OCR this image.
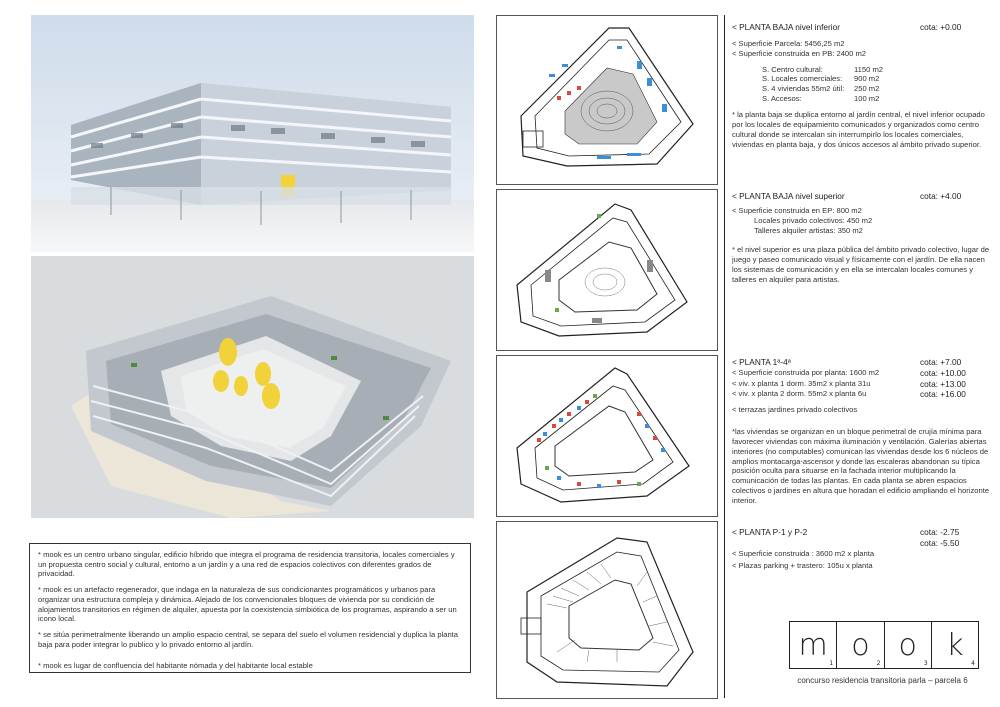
* mook es un centro urbano singular, edificio híbrido que integra el programa de residencia transitoria, locales comerciales y un propuesta centro social y cultural, entorno a un jardín y a una red de espacios colectivos con diferentes grados de privacidad.

* mook es un artefacto regenerador, que indaga en la naturaleza de sus condicionantes programáticos y urbanos para organizar una estructura compleja y dinámica. Alejado de los convencionales bloques de vivienda por su condición de alojamientos transitorios en régimen de alquiler, apuesta por la coexistencia simbiótica de los programas, aspirando a ser un icono local.

* se sitúa perimetralmente liberando un amplio espacio central, se separa del suelo el volumen residencial y duplica la planta baja para poder integrar lo publico y lo privado entorno al jardín.

* mook es lugar de confluencia del habitante nómada y del habitante local estable

< PLANTA BAJA nivel inferior	cota: +0.00
< Superficie Parcela: 5456,25 m2
< Superficie construida en PB: 2400 m2
S. Centro cultural:	1150 m2
S. Locales comerciales:	900 m2
S. 4 viviendas 55m2 útil:	250 m2
S. Accesos:	100 m2
* la planta baja se duplica entorno al jardín central, el nivel inferior ocupado por los locales de equipamiento comunicados y organizados como centro cultural donde se intercalan sin interrumpirlo los locales comerciales, viviendas en planta baja, y dos únicos accesos al ámbito privado superior.
< PLANTA BAJA nivel superior	cota: +4.00
< Superficie construida en EP: 800 m2
Locales privado colectivos: 450 m2
Talleres alquiler artistas: 350 m2
* el nivel superior es una plaza pública del ámbito privado colectivo, lugar de juego y paseo comunicado visual y físicamente con el jardín. De ella nacen los sistemas de comunicación y en ella se intercalan locales comunes y talleres en alquiler para artistas.
< PLANTA 1ª-4ª	cota: +7.00
< Superficie construida por planta: 1600 m2	cota: +10.00
< viv. x planta 1 dorm. 35m2 x planta 31u	cota: +13.00
< viv. x planta 2 dorm. 55m2 x planta 6u	cota: +16.00
< terrazas jardines privado colectivos
*las viviendas se organizan en un bloque perimetral de crujía mínima para favorecer viviendas con máxima iluminación y ventilación. Galerías abiertas interiores (no computables) comunican las viviendas desde los 6 núcleos de amplios montacarga-ascensor y donde las escaleras abandonan su típica posición oculta para situarse en la fachada interior multiplicando la comunicación de todas las plantas. En cada planta se abren espacios colectivos o jardines en altura que horadan el edificio ampliando el horizonte interior.
< PLANTA P-1 y P-2	cota: -2.75
cota: -5.50
< Superficie construida : 3600 m2 x planta
< Plazas parking + trastero: 105u x planta
m
1
o
2
o
3
k
4
concurso residencia transitoria parla – parcela 6
